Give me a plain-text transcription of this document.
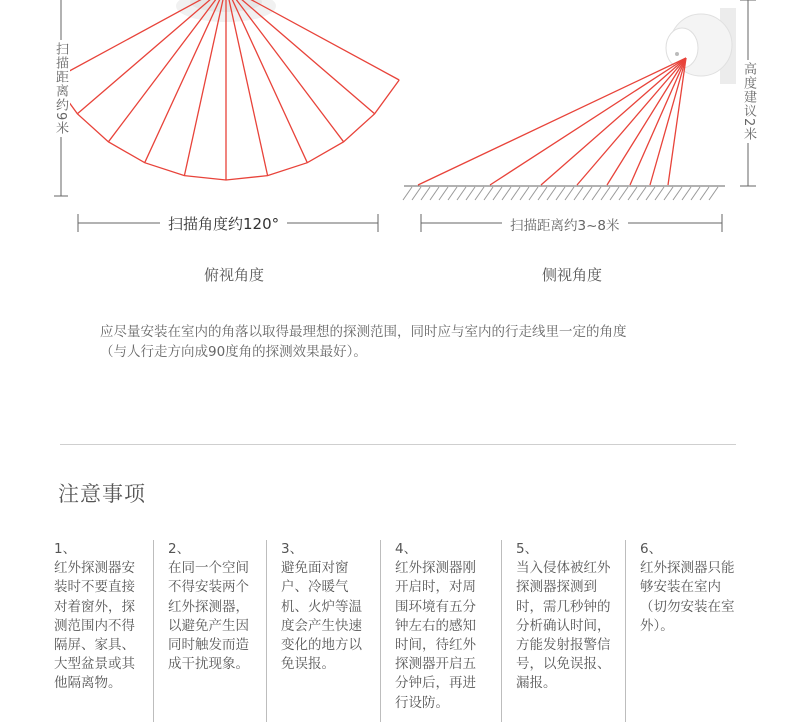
扫描距离约9米	高度建议2米
扫描角度约120°	扫描距离约3~8米
俯视角度	侧视角度
应尽量安装在室内的角落以取得最理想的探测范围，同时应与室内的行走线里一定的角度
（与人行走方向成90度角的探测效果最好）。
注意事项
1、
红外探测器安装时不要直接对着窗外，探测范围内不得隔屏、家具、大型盆景或其他隔离物。
2、
在同一个空间不得安装两个红外探测器，以避免产生因同时触发而造成干扰现象。
3、
避免面对窗户、冷暖气机、火炉等温度会产生快速变化的地方以免误报。
4、
红外探测器刚开启时，对周围环境有五分钟左右的感知时间，待红外探测器开启五分钟后，再进行设防。
5、
当入侵体被红外探测器探测到时，需几秒钟的分析确认时间，方能发射报警信号，以免误报、漏报。
6、
红外探测器只能够安装在室内（切勿安装在室外）。
